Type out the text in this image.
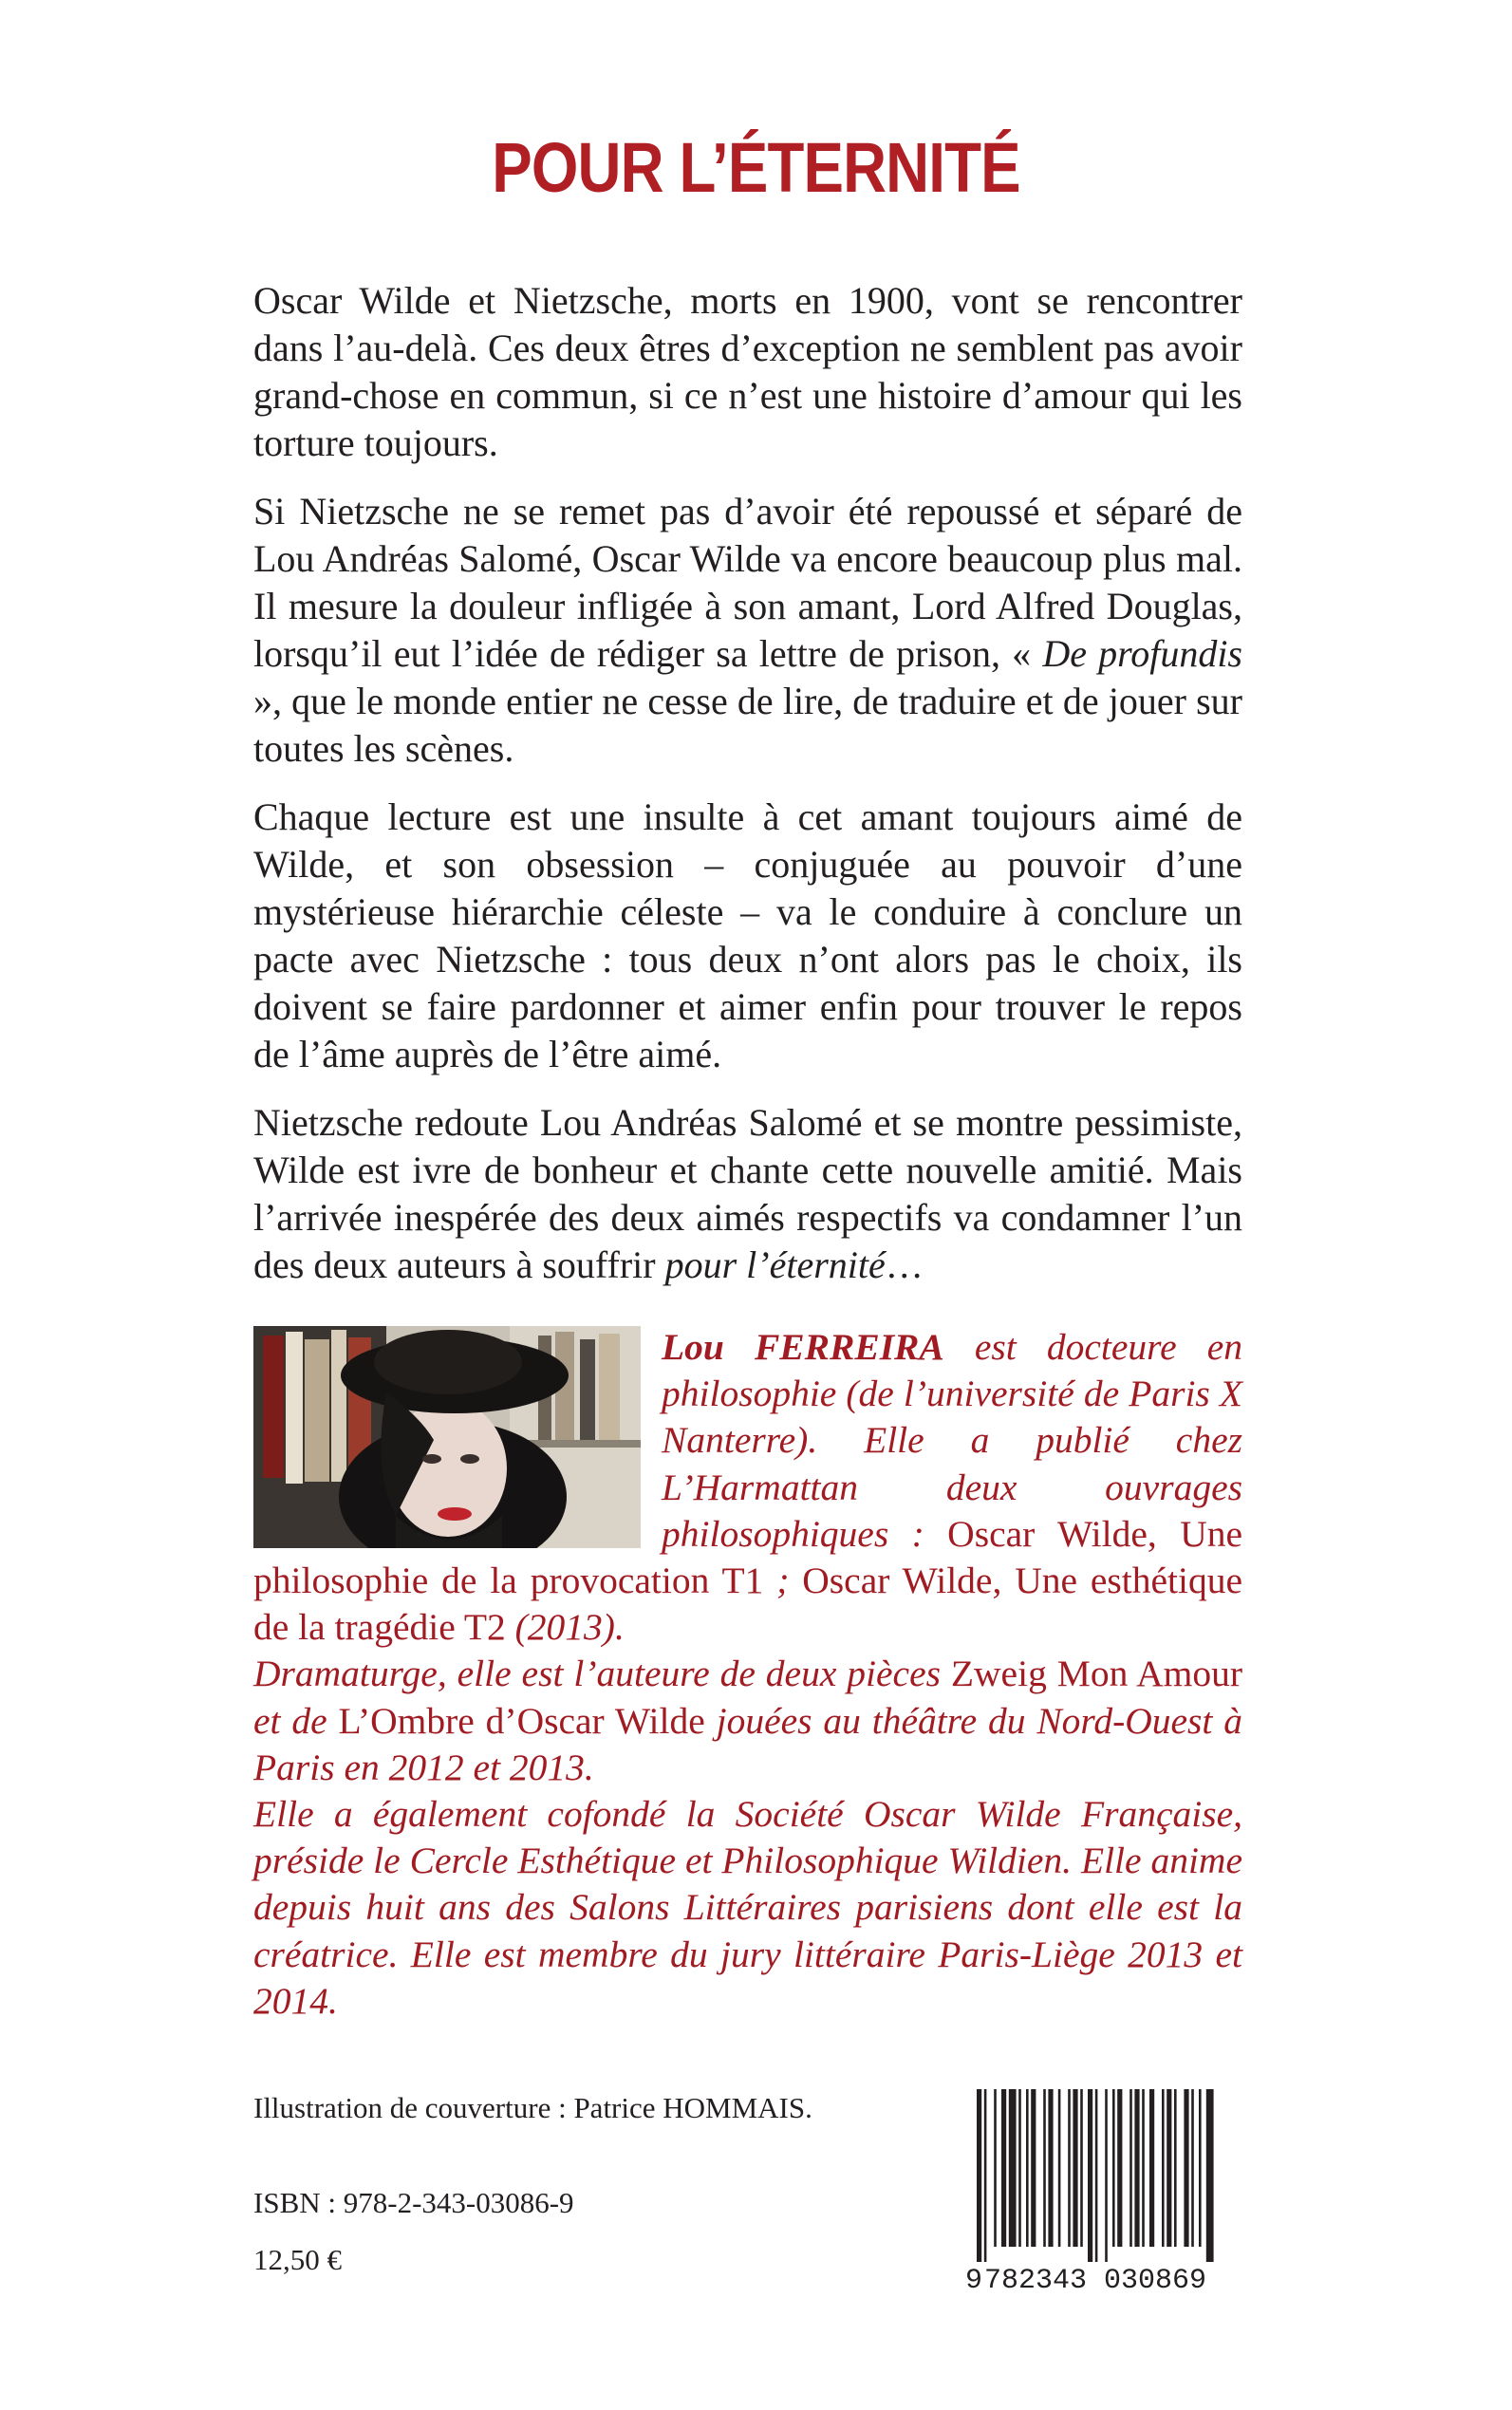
POUR L’ÉTERNITÉ

Oscar Wilde et Nietzsche, morts en 1900, vont se rencontrer dans l’au-delà. Ces deux êtres d’exception ne semblent pas avoir grand-chose en commun, si ce n’est une histoire d’amour qui les torture toujours.

Si Nietzsche ne se remet pas d’avoir été repoussé et séparé de Lou Andréas Salomé, Oscar Wilde va encore beaucoup plus mal. Il mesure la douleur infligée à son amant, Lord Alfred Douglas, lorsqu’il eut l’idée de rédiger sa lettre de prison, « De profundis », que le monde entier ne cesse de lire, de traduire et de jouer sur toutes les scènes.

Chaque lecture est une insulte à cet amant toujours aimé de Wilde, et son obsession – conjuguée au pouvoir d’une mystérieuse hiérarchie céleste – va le conduire à conclure un pacte avec Nietzsche : tous deux n’ont alors pas le choix, ils doivent se faire pardonner et aimer enfin pour trouver le repos de l’âme auprès de l’être aimé.

Nietzsche redoute Lou Andréas Salomé et se montre pessimiste, Wilde est ivre de bonheur et chante cette nouvelle amitié. Mais l’arrivée inespérée des deux aimés respectifs va condamner l’un des deux auteurs à souffrir pour l’éternité…

Lou FERREIRA est docteure en philosophie (de l’université de Paris X Nanterre). Elle a publié chez L’Harmattan deux ouvrages philosophiques : Oscar Wilde, Une philosophie de la provocation T1 ; Oscar Wilde, Une esthétique de la tragédie T2 (2013).

Dramaturge, elle est l’auteure de deux pièces Zweig Mon Amour et de L’Ombre d’Oscar Wilde jouées au théâtre du Nord-Ouest à Paris en 2012 et 2013.

Elle a également cofondé la Société Oscar Wilde Française, préside le Cercle Esthétique et Philosophique Wildien. Elle anime depuis huit ans des Salons Littéraires parisiens dont elle est la créatrice. Elle est membre du jury littéraire Paris-Liège 2013 et 2014.

Illustration de couverture : Patrice HOMMAIS.
ISBN : 978-2-343-03086-9
12,50 €
9 782343 030869
